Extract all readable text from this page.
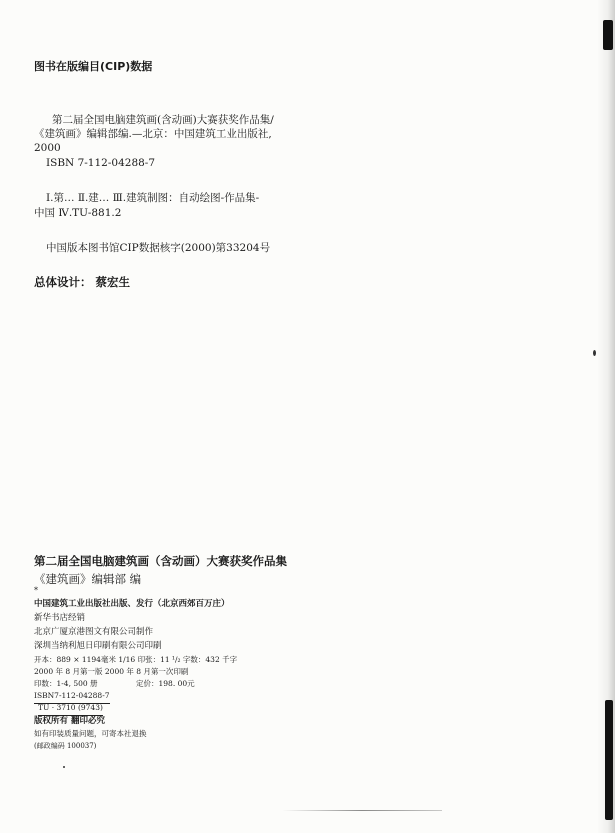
图书在版编目(CIP)数据
第二届全国电脑建筑画(含动画)大赛获奖作品集/
《建筑画》编辑部编.—北京：中国建筑工业出版社,
2000
ISBN 7-112-04288-7
Ⅰ.第… Ⅱ.建… Ⅲ.建筑制图：自动绘图-作品集-
中国 Ⅳ.TU-881.2
中国版本图书馆CIP数据核字(2000)第33204号
总体设计： 蔡宏生
第二届全国电脑建筑画（含动画）大赛获奖作品集
《建筑画》编辑部 编
*
中国建筑工业出版社出版、发行（北京西郊百万庄）
新华书店经销
北京广厦京港图文有限公司制作
深圳当纳利旭日印刷有限公司印刷
开本：889 × 1194毫米 1/16 印张：11 ¹/₂ 字数：432 千字
2000 年 8 月第一版 2000 年 8 月第一次印刷
印数：1-4, 500 册	定价：198. 00元
ISBN7-112-04288-7
TU · 3710 (9743)
版权所有 翻印必究
如有印装质量问题，可寄本社退换
(邮政编码 100037)
